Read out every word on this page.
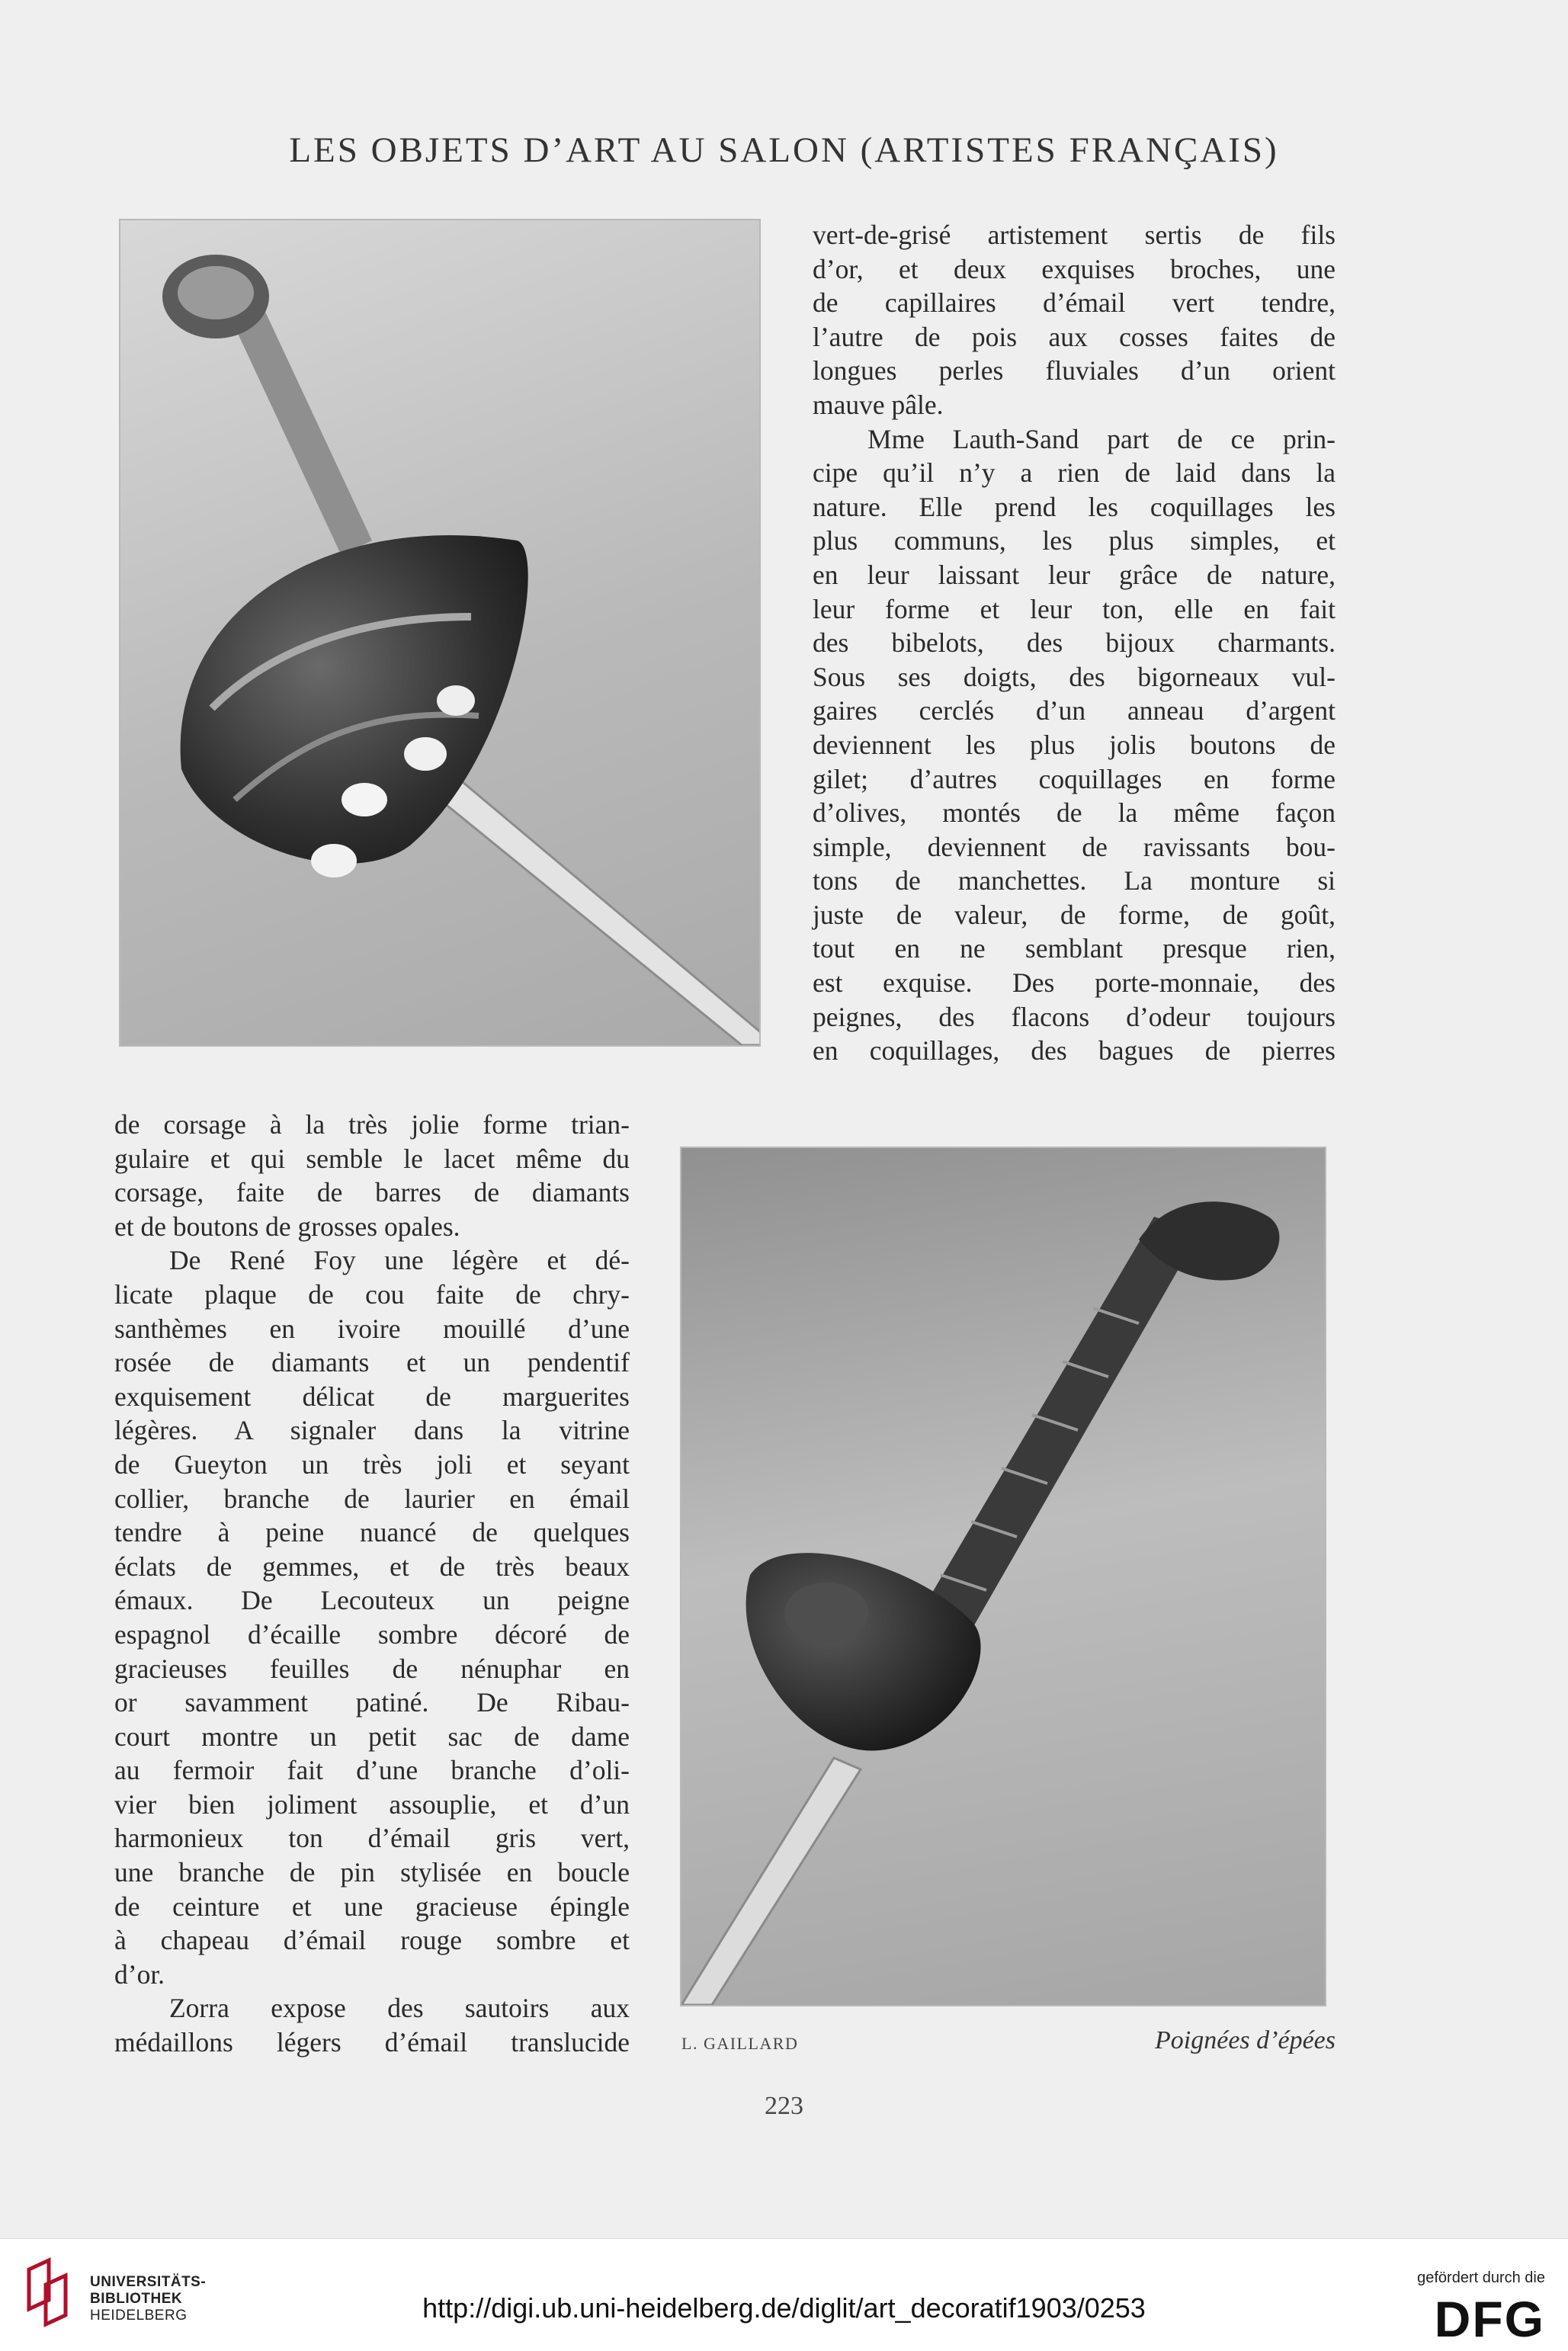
LES OBJETS D’ART AU SALON (ARTISTES FRANÇAIS)
vert-de-grisé artistement sertis de fils
d’or, et deux exquises broches, une
de capillaires d’émail vert tendre,
l’autre de pois aux cosses faites de
longues perles fluviales d’un orient
mauve pâle.
Mme Lauth-Sand part de ce prin-
cipe qu’il n’y a rien de laid dans la
nature. Elle prend les coquillages les
plus communs, les plus simples, et
en leur laissant leur grâce de nature,
leur forme et leur ton, elle en fait
des bibelots, des bijoux charmants.
Sous ses doigts, des bigorneaux vul-
gaires cerclés d’un anneau d’argent
deviennent les plus jolis boutons de
gilet; d’autres coquillages en forme
d’olives, montés de la même façon
simple, deviennent de ravissants bou-
tons de manchettes. La monture si
juste de valeur, de forme, de goût,
tout en ne semblant presque rien,
est exquise. Des porte-monnaie, des
peignes, des flacons d’odeur toujours
en coquillages, des bagues de pierres
de corsage à la très jolie forme trian-
gulaire et qui semble le lacet même du
corsage, faite de barres de diamants
et de boutons de grosses opales.
De René Foy une légère et dé-
licate plaque de cou faite de chry-
santhèmes en ivoire mouillé d’une
rosée de diamants et un pendentif
exquisement délicat de marguerites
légères. A signaler dans la vitrine
de Gueyton un très joli et seyant
collier, branche de laurier en émail
tendre à peine nuancé de quelques
éclats de gemmes, et de très beaux
émaux. De Lecouteux un peigne
espagnol d’écaille sombre décoré de
gracieuses feuilles de nénuphar en
or savamment patiné. De Ribau-
court montre un petit sac de dame
au fermoir fait d’une branche d’oli-
vier bien joliment assouplie, et d’un
harmonieux ton d’émail gris vert,
une branche de pin stylisée en boucle
de ceinture et une gracieuse épingle
à chapeau d’émail rouge sombre et
d’or.
Zorra expose des sautoirs aux
médaillons légers d’émail translucide	L. GAILLARD	Poignées d’épées
223
UNIVERSITÄTS-
BIBLIOTHEK
HEIDELBERG	http://digi.ub.uni-heidelberg.de/diglit/art_decoratif1903/0253
gefördert durch die
DFG
